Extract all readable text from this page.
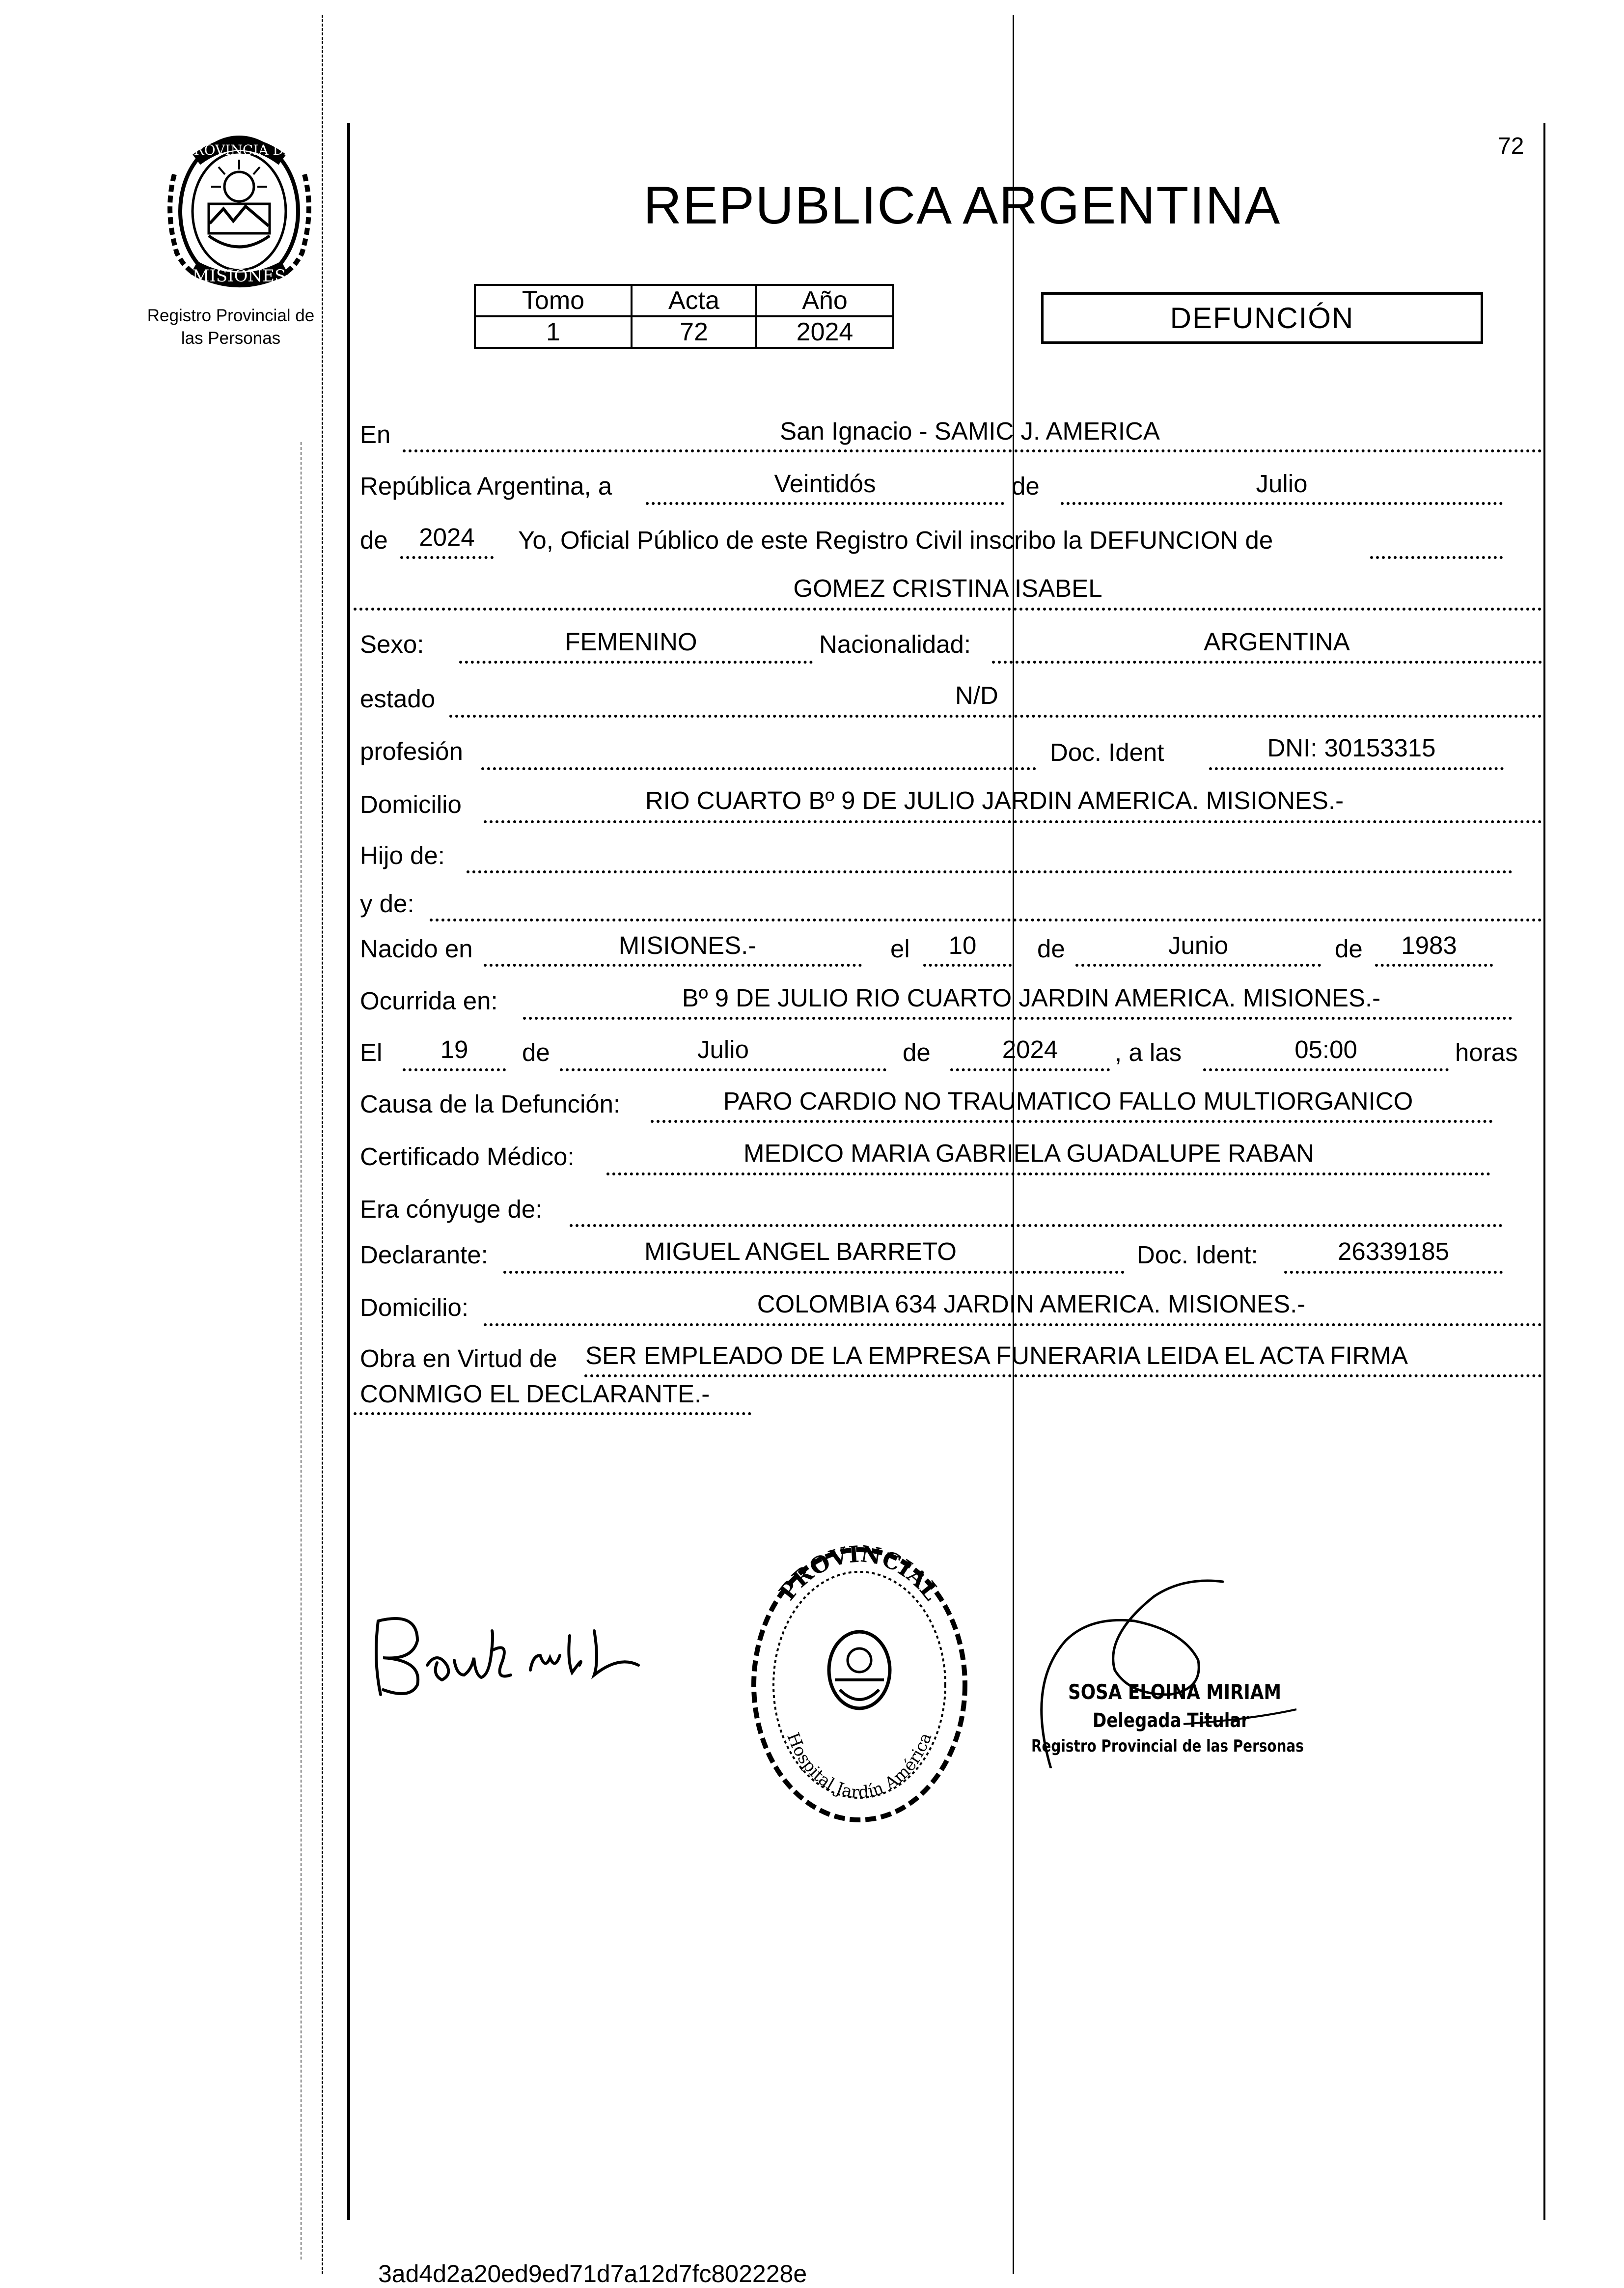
PROVINCIA DE
MISIONES
Registro Provincial de
las Personas
72
REPUBLICA ARGENTINA
Tomo	Acta	Año
1	72	2024	DEFUNCIÓN
En	San Ignacio - SAMIC J. AMERICA
República Argentina, a	Veintidós	de	Julio
de	2024	Yo, Oficial Público de este Registro Civil inscribo la DEFUNCION de
GOMEZ CRISTINA ISABEL
Sexo:	FEMENINO	Nacionalidad:	ARGENTINA
estado	N/D
profesión	Doc. Ident	DNI: 30153315
Domicilio	RIO CUARTO Bº 9 DE JULIO JARDIN AMERICA. MISIONES.-
Hijo de:
y de:
Nacido en	MISIONES.-	el	10	de	Junio	de	1983
Ocurrida en:	Bº 9 DE JULIO RIO CUARTO JARDIN AMERICA. MISIONES.-
El	19	de	Julio	de	2024	, a las	05:00	horas
Causa de la Defunción:	PARO CARDIO NO TRAUMATICO FALLO MULTIORGANICO
Certificado Médico:	MEDICO MARIA GABRIELA GUADALUPE RABAN
Era cónyuge de:
Declarante:	MIGUEL ANGEL BARRETO	Doc. Ident:	26339185
Domicilio:	COLOMBIA 634 JARDIN AMERICA. MISIONES.-
Obra en Virtud de SER EMPLEADO DE LA EMPRESA FUNERARIA LEIDA EL ACTA FIRMA
CONMIGO EL DECLARANTE.-
PROVINCIAL
Hospital Jardín América
SOSA ELOINA MIRIAM
Delegada Titular
Registro Provincial de las Personas
3ad4d2a20ed9ed71d7a12d7fc802228e
